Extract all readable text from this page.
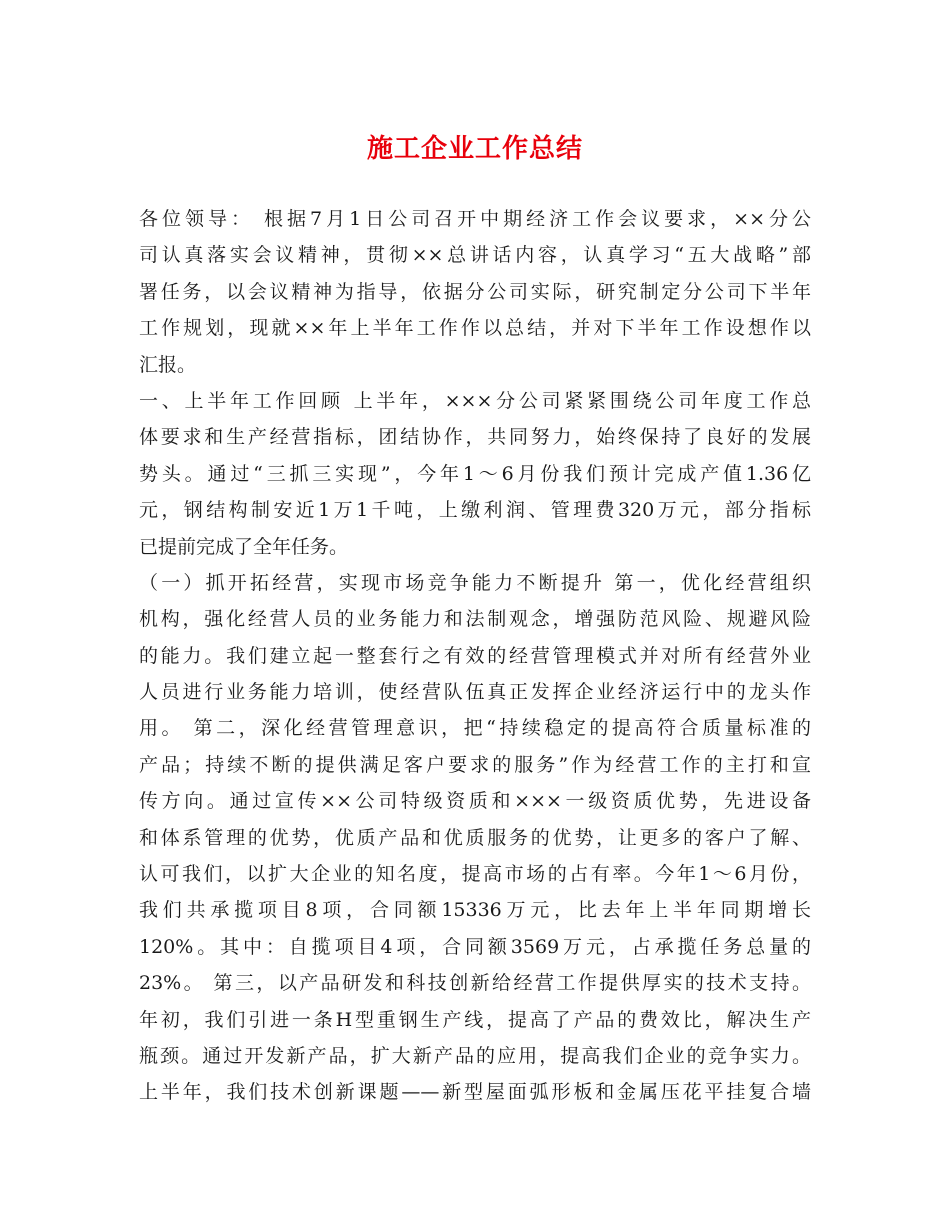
施工企业工作总结
各位领导： 根据7月1日公司召开中期经济工作会议要求，××分公
司认真落实会议精神，贯彻××总讲话内容，认真学习“五大战略”部
署任务，以会议精神为指导，依据分公司实际，研究制定分公司下半年
工作规划，现就××年上半年工作作以总结，并对下半年工作设想作以
汇报。
一、上半年工作回顾 上半年，×××分公司紧紧围绕公司年度工作总
体要求和生产经营指标，团结协作，共同努力，始终保持了良好的发展
势头。通过“三抓三实现”，今年1～6月份我们预计完成产值1.36亿
元，钢结构制安近1万1千吨，上缴利润、管理费320万元，部分指标
已提前完成了全年任务。
（一）抓开拓经营，实现市场竞争能力不断提升 第一，优化经营组织
机构，强化经营人员的业务能力和法制观念，增强防范风险、规避风险
的能力。我们建立起一整套行之有效的经营管理模式并对所有经营外业
人员进行业务能力培训，使经营队伍真正发挥企业经济运行中的龙头作
用。 第二，深化经营管理意识，把“持续稳定的提高符合质量标准的
产品；持续不断的提供满足客户要求的服务”作为经营工作的主打和宣
传方向。通过宣传××公司特级资质和×××一级资质优势，先进设备
和体系管理的优势，优质产品和优质服务的优势，让更多的客户了解、
认可我们，以扩大企业的知名度，提高市场的占有率。今年1～6月份，
我们共承揽项目8项，合同额15336万元，比去年上半年同期增长
120%。其中：自揽项目4项，合同额3569万元，占承揽任务总量的
23%。 第三，以产品研发和科技创新给经营工作提供厚实的技术支持。
年初，我们引进一条H型重钢生产线，提高了产品的费效比，解决生产
瓶颈。通过开发新产品，扩大新产品的应用，提高我们企业的竞争实力。
上半年，我们技术创新课题——新型屋面弧形板和金属压花平挂复合墙
